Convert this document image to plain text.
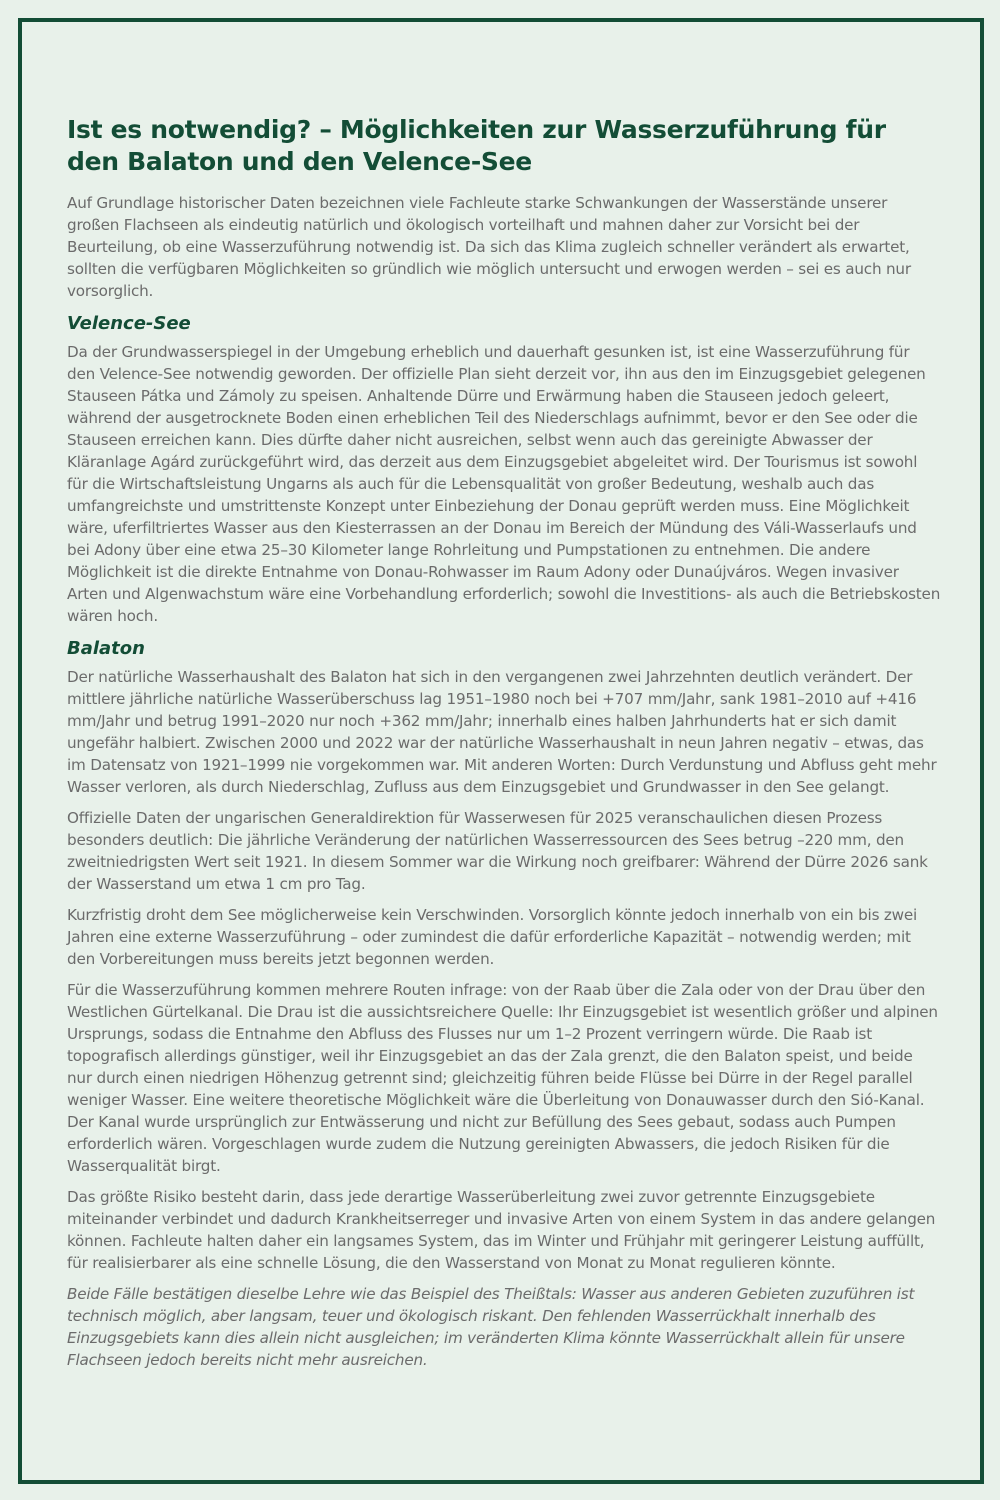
Ist es notwendig? – Möglichkeiten zur Wasserzuführung für den Balaton und den Velence-See

Auf Grundlage historischer Daten bezeichnen viele Fachleute starke Schwankungen der Wasserstände unserer großen Flachseen als eindeutig natürlich und ökologisch vorteilhaft und mahnen daher zur Vorsicht bei der Beurteilung, ob eine Wasserzuführung notwendig ist. Da sich das Klima zugleich schneller verändert als erwartet, sollten die verfügbaren Möglichkeiten so gründlich wie möglich untersucht und erwogen werden – sei es auch nur vorsorglich.

Velence-See

Da der Grundwasserspiegel in der Umgebung erheblich und dauerhaft gesunken ist, ist eine Wasserzuführung für den Velence-See notwendig geworden. Der offizielle Plan sieht derzeit vor, ihn aus den im Einzugsgebiet gelegenen Stauseen Pátka und Zámoly zu speisen. Anhaltende Dürre und Erwärmung haben die Stauseen jedoch geleert, während der ausgetrocknete Boden einen erheblichen Teil des Niederschlags aufnimmt, bevor er den See oder die Stauseen erreichen kann. Dies dürfte daher nicht ausreichen, selbst wenn auch das gereinigte Abwasser der Kläranlage Agárd zurückgeführt wird, das derzeit aus dem Einzugsgebiet abgeleitet wird. Der Tourismus ist sowohl für die Wirtschaftsleistung Ungarns als auch für die Lebensqualität von großer Bedeutung, weshalb auch das umfangreichste und umstrittenste Konzept unter Einbeziehung der Donau geprüft werden muss. Eine Möglichkeit wäre, uferfiltriertes Wasser aus den Kiesterrassen an der Donau im Bereich der Mündung des Váli-Wasserlaufs und bei Adony über eine etwa 25–30 Kilometer lange Rohrleitung und Pumpstationen zu entnehmen. Die andere Möglichkeit ist die direkte Entnahme von Donau-Rohwasser im Raum Adony oder Dunaújváros. Wegen invasiver Arten und Algenwachstum wäre eine Vorbehandlung erforderlich; sowohl die Investitions- als auch die Betriebskosten wären hoch.

Balaton

Der natürliche Wasserhaushalt des Balaton hat sich in den vergangenen zwei Jahrzehnten deutlich verändert. Der mittlere jährliche natürliche Wasserüberschuss lag 1951–1980 noch bei +707 mm/Jahr, sank 1981–2010 auf +416 mm/Jahr und betrug 1991–2020 nur noch +362 mm/Jahr; innerhalb eines halben Jahrhunderts hat er sich damit ungefähr halbiert. Zwischen 2000 und 2022 war der natürliche Wasserhaushalt in neun Jahren negativ – etwas, das im Datensatz von 1921–1999 nie vorgekommen war. Mit anderen Worten: Durch Verdunstung und Abfluss geht mehr Wasser verloren, als durch Niederschlag, Zufluss aus dem Einzugsgebiet und Grundwasser in den See gelangt.

Offizielle Daten der ungarischen Generaldirektion für Wasserwesen für 2025 veranschaulichen diesen Prozess besonders deutlich: Die jährliche Veränderung der natürlichen Wasserressourcen des Sees betrug –220 mm, den zweitniedrigsten Wert seit 1921. In diesem Sommer war die Wirkung noch greifbarer: Während der Dürre 2026 sank der Wasserstand um etwa 1 cm pro Tag.

Kurzfristig droht dem See möglicherweise kein Verschwinden. Vorsorglich könnte jedoch innerhalb von ein bis zwei Jahren eine externe Wasserzuführung – oder zumindest die dafür erforderliche Kapazität – notwendig werden; mit den Vorbereitungen muss bereits jetzt begonnen werden.

Für die Wasserzuführung kommen mehrere Routen infrage: von der Raab über die Zala oder von der Drau über den Westlichen Gürtelkanal. Die Drau ist die aussichtsreichere Quelle: Ihr Einzugsgebiet ist wesentlich größer und alpinen Ursprungs, sodass die Entnahme den Abfluss des Flusses nur um 1–2 Prozent verringern würde. Die Raab ist topografisch allerdings günstiger, weil ihr Einzugsgebiet an das der Zala grenzt, die den Balaton speist, und beide nur durch einen niedrigen Höhenzug getrennt sind; gleichzeitig führen beide Flüsse bei Dürre in der Regel parallel weniger Wasser. Eine weitere theoretische Möglichkeit wäre die Überleitung von Donauwasser durch den Sió-Kanal. Der Kanal wurde ursprünglich zur Entwässerung und nicht zur Befüllung des Sees gebaut, sodass auch Pumpen erforderlich wären. Vorgeschlagen wurde zudem die Nutzung gereinigten Abwassers, die jedoch Risiken für die Wasserqualität birgt.

Das größte Risiko besteht darin, dass jede derartige Wasserüberleitung zwei zuvor getrennte Einzugsgebiete miteinander verbindet und dadurch Krankheitserreger und invasive Arten von einem System in das andere gelangen können. Fachleute halten daher ein langsames System, das im Winter und Frühjahr mit geringerer Leistung auffüllt, für realisierbarer als eine schnelle Lösung, die den Wasserstand von Monat zu Monat regulieren könnte.

Beide Fälle bestätigen dieselbe Lehre wie das Beispiel des Theißtals: Wasser aus anderen Gebieten zuzuführen ist technisch möglich, aber langsam, teuer und ökologisch riskant. Den fehlenden Wasserrückhalt innerhalb des Einzugsgebiets kann dies allein nicht ausgleichen; im veränderten Klima könnte Wasserrückhalt allein für unsere Flachseen jedoch bereits nicht mehr ausreichen.
